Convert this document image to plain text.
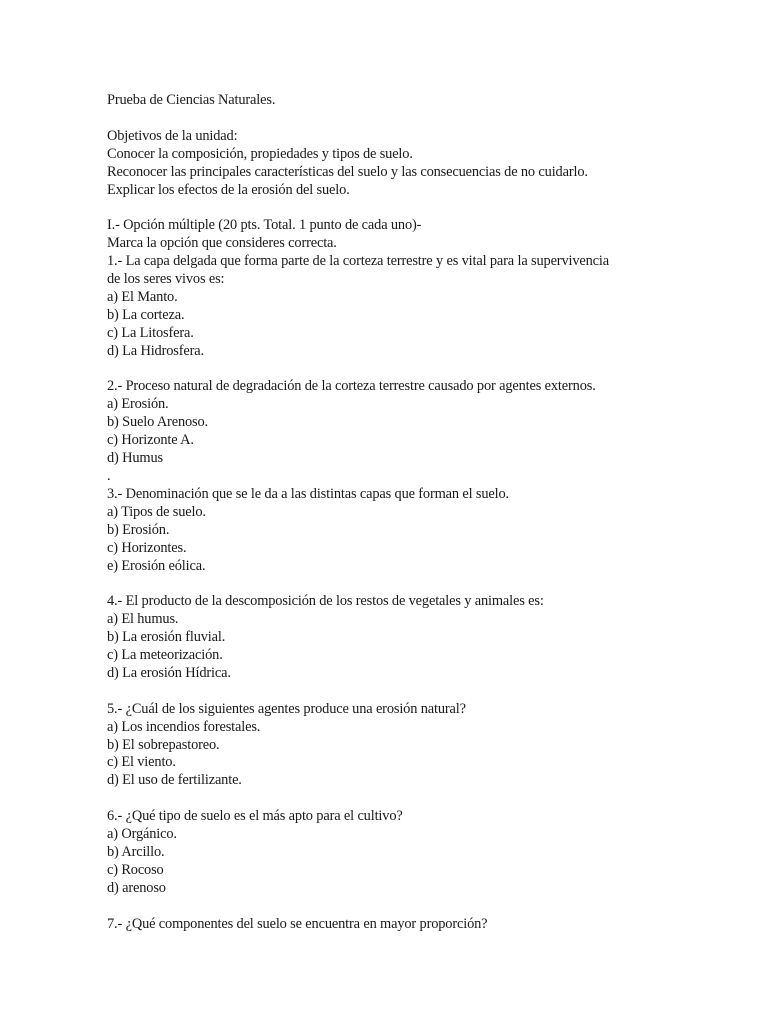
Prueba de Ciencias Naturales.
Objetivos de la unidad:
Conocer la composición, propiedades y tipos de suelo.
Reconocer las principales características del suelo y las consecuencias de no cuidarlo.
Explicar los efectos de la erosión del suelo.
I.- Opción múltiple (20 pts. Total. 1 punto de cada uno)-
Marca la opción que consideres correcta.
1.- La capa delgada que forma parte de la corteza terrestre y es vital para la supervivencia
de los seres vivos es:
a) El Manto.
b) La corteza.
c) La Litosfera.
d) La Hidrosfera.
2.- Proceso natural de degradación de la corteza terrestre causado por agentes externos.
a) Erosión.
b) Suelo Arenoso.
c) Horizonte A.
d) Humus
.
3.- Denominación que se le da a las distintas capas que forman el suelo.
a) Tipos de suelo.
b) Erosión.
c) Horizontes.
e) Erosión eólica.
4.- El producto de la descomposición de los restos de vegetales y animales es:
a) El humus.
b) La erosión fluvial.
c) La meteorización.
d) La erosión Hídrica.
5.- ¿Cuál de los siguientes agentes produce una erosión natural?
a) Los incendios forestales.
b) El sobrepastoreo.
c) El viento.
d) El uso de fertilizante.
6.- ¿Qué tipo de suelo es el más apto para el cultivo?
a) Orgánico.
b) Arcillo.
c) Rocoso
d) arenoso
7.- ¿Qué componentes del suelo se encuentra en mayor proporción?
